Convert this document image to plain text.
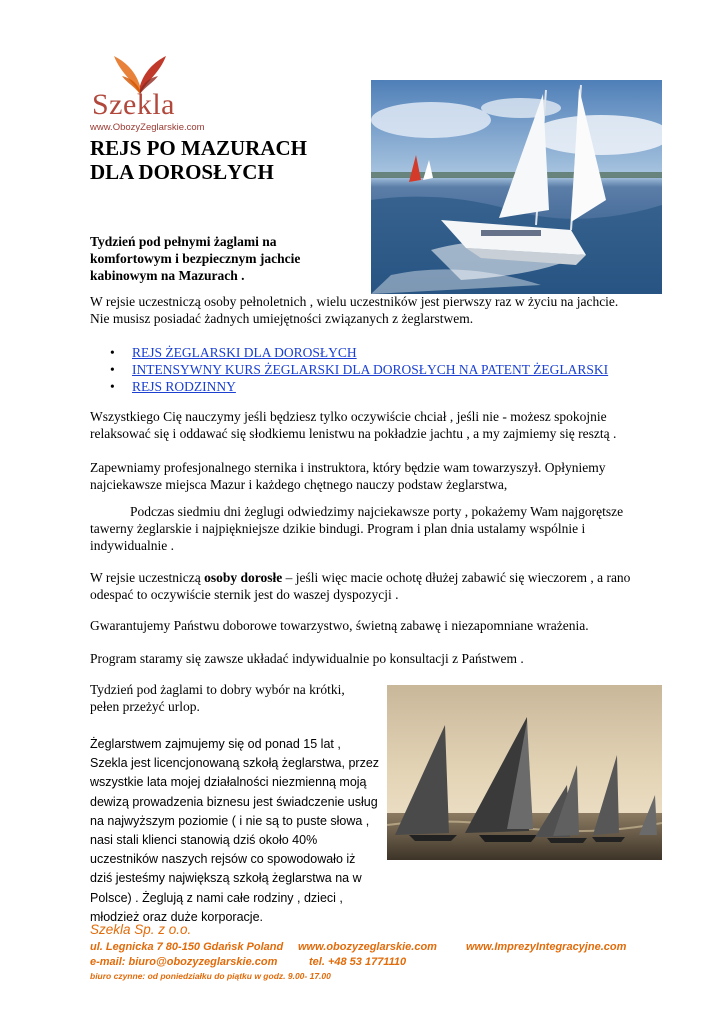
Szekla
www.ObozyZeglarskie.com
REJS PO MAZURACH
DLA DOROSŁYCH
Tydzień pod pełnymi żaglami na komfortowym i bezpiecznym jachcie kabinowym na Mazurach .
W rejsie uczestniczą osoby pełnoletnich , wielu uczestników jest pierwszy raz w życiu na jachcie. Nie musisz posiadać żadnych umiejętności związanych z żeglarstwem.
• REJS ŻEGLARSKI DLA DOROSŁYCH
• INTENSYWNY KURS ŻEGLARSKI DLA DOROSŁYCH NA PATENT ŻEGLARSKI
• REJS RODZINNY
Wszystkiego Cię nauczymy jeśli będziesz tylko oczywiście chciał , jeśli nie - możesz spokojnie relaksować się i oddawać się słodkiemu lenistwu na pokładzie jachtu , a my zajmiemy się resztą .
Zapewniamy profesjonalnego sternika i instruktora, który będzie wam towarzyszył. Opłyniemy najciekawsze miejsca Mazur i każdego chętnego nauczy podstaw żeglarstwa,
Podczas siedmiu dni żeglugi odwiedzimy najciekawsze porty , pokażemy Wam najgorętsze tawerny żeglarskie i najpiękniejsze dzikie bindugi. Program i plan dnia ustalamy wspólnie i indywidualnie .
W rejsie uczestniczą osoby dorosłe – jeśli więc macie ochotę dłużej zabawić się wieczorem , a rano odespać to oczywiście sternik jest do waszej dyspozycji .
Gwarantujemy Państwu doborowe towarzystwo, świetną zabawę i niezapomniane wrażenia.
Program staramy się zawsze układać indywidualnie po konsultacji z Państwem .
Tydzień pod żaglami to dobry wybór na krótki, pełen przeżyć urlop.
Żeglarstwem zajmujemy się od ponad 15 lat , Szekla jest licencjonowaną szkołą żeglarstwa, przez wszystkie lata mojej działalności niezmienną moją dewizą prowadzenia biznesu jest świadczenie usług na najwyższym poziomie ( i nie są to puste słowa , nasi stali klienci stanowią dziś około 40% uczestników naszych rejsów co spowodowało iż dziś jesteśmy największą szkołą żeglarstwa na w Polsce) . Żeglują z nami całe rodziny , dzieci , młodzież oraz duże korporacje.
Szekla Sp. z o.o.
ul. Legnicka 7 80-150 Gdańsk Poland www.obozyzeglarskie.com	www.ImprezyIntegracyjne.com
e-mail: biuro@obozyzeglarskie.com	tel. +48 53 1771110
biuro czynne: od poniedziałku do piątku w godz. 9.00- 17.00
